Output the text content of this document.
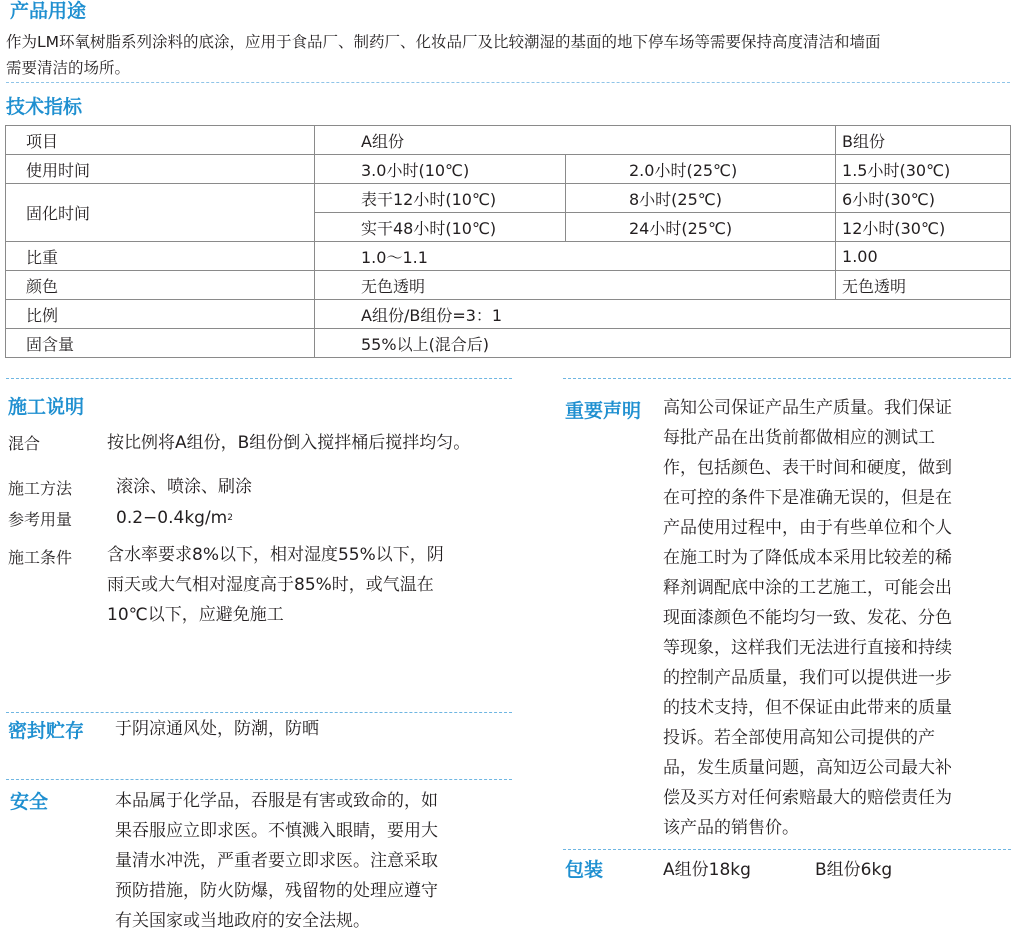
产品用途
作为LM环氧树脂系列涂料的底涂，应用于食品厂、制药厂、化妆品厂及比较潮湿的基面的地下停车场等需要保持高度清洁和墙面
需要清洁的场所。
技术指标
项目	A组份		B组份
使用时间	3.0小时(10℃)	2.0小时(25℃)	1.5小时(30℃)
固化时间	表干12小时(10℃)	8小时(25℃)	6小时(30℃)
	实干48小时(10℃)	24小时(25℃)	12小时(30℃)
比重	1.0～1.1		1.00
颜色	无色透明		无色透明
比例	A组份/B组份=3：1		
固含量	55%以上(混合后)		
施工说明
混合	按比例将A组份，B组份倒入搅拌桶后搅拌均匀。
施工方法	滚涂、喷涂、刷涂
参考用量	$0.2-0.4kg/m^2$
施工条件 含水率要求8%以下，相对湿度55%以下，阴
雨天或大气相对湿度高于85%时，或气温在
10℃以下，应避免施工
密封贮存 于阴凉通风处，防潮，防晒
安全	本品属于化学品，吞服是有害或致命的，如
果吞服应立即求医。不慎溅入眼睛，要用大
量清水冲洗，严重者要立即求医。注意采取
预防措施，防火防爆，残留物的处理应遵守
有关国家或当地政府的安全法规。
重要声明 高知公司保证产品生产质量。我们保证
每批产品在出货前都做相应的测试工
作，包括颜色、表干时间和硬度，做到
在可控的条件下是准确无误的，但是在
产品使用过程中，由于有些单位和个人
在施工时为了降低成本采用比较差的稀
释剂调配底中涂的工艺施工，可能会出
现面漆颜色不能均匀一致、发花、分色
等现象，这样我们无法进行直接和持续
的控制产品质量，我们可以提供进一步
的技术支持，但不保证由此带来的质量
投诉。若全部使用高知公司提供的产
品，发生质量问题，高知迈公司最大补
偿及买方对任何索赔最大的赔偿责任为
该产品的销售价。
包装	A组份18kg	B组份6kg
